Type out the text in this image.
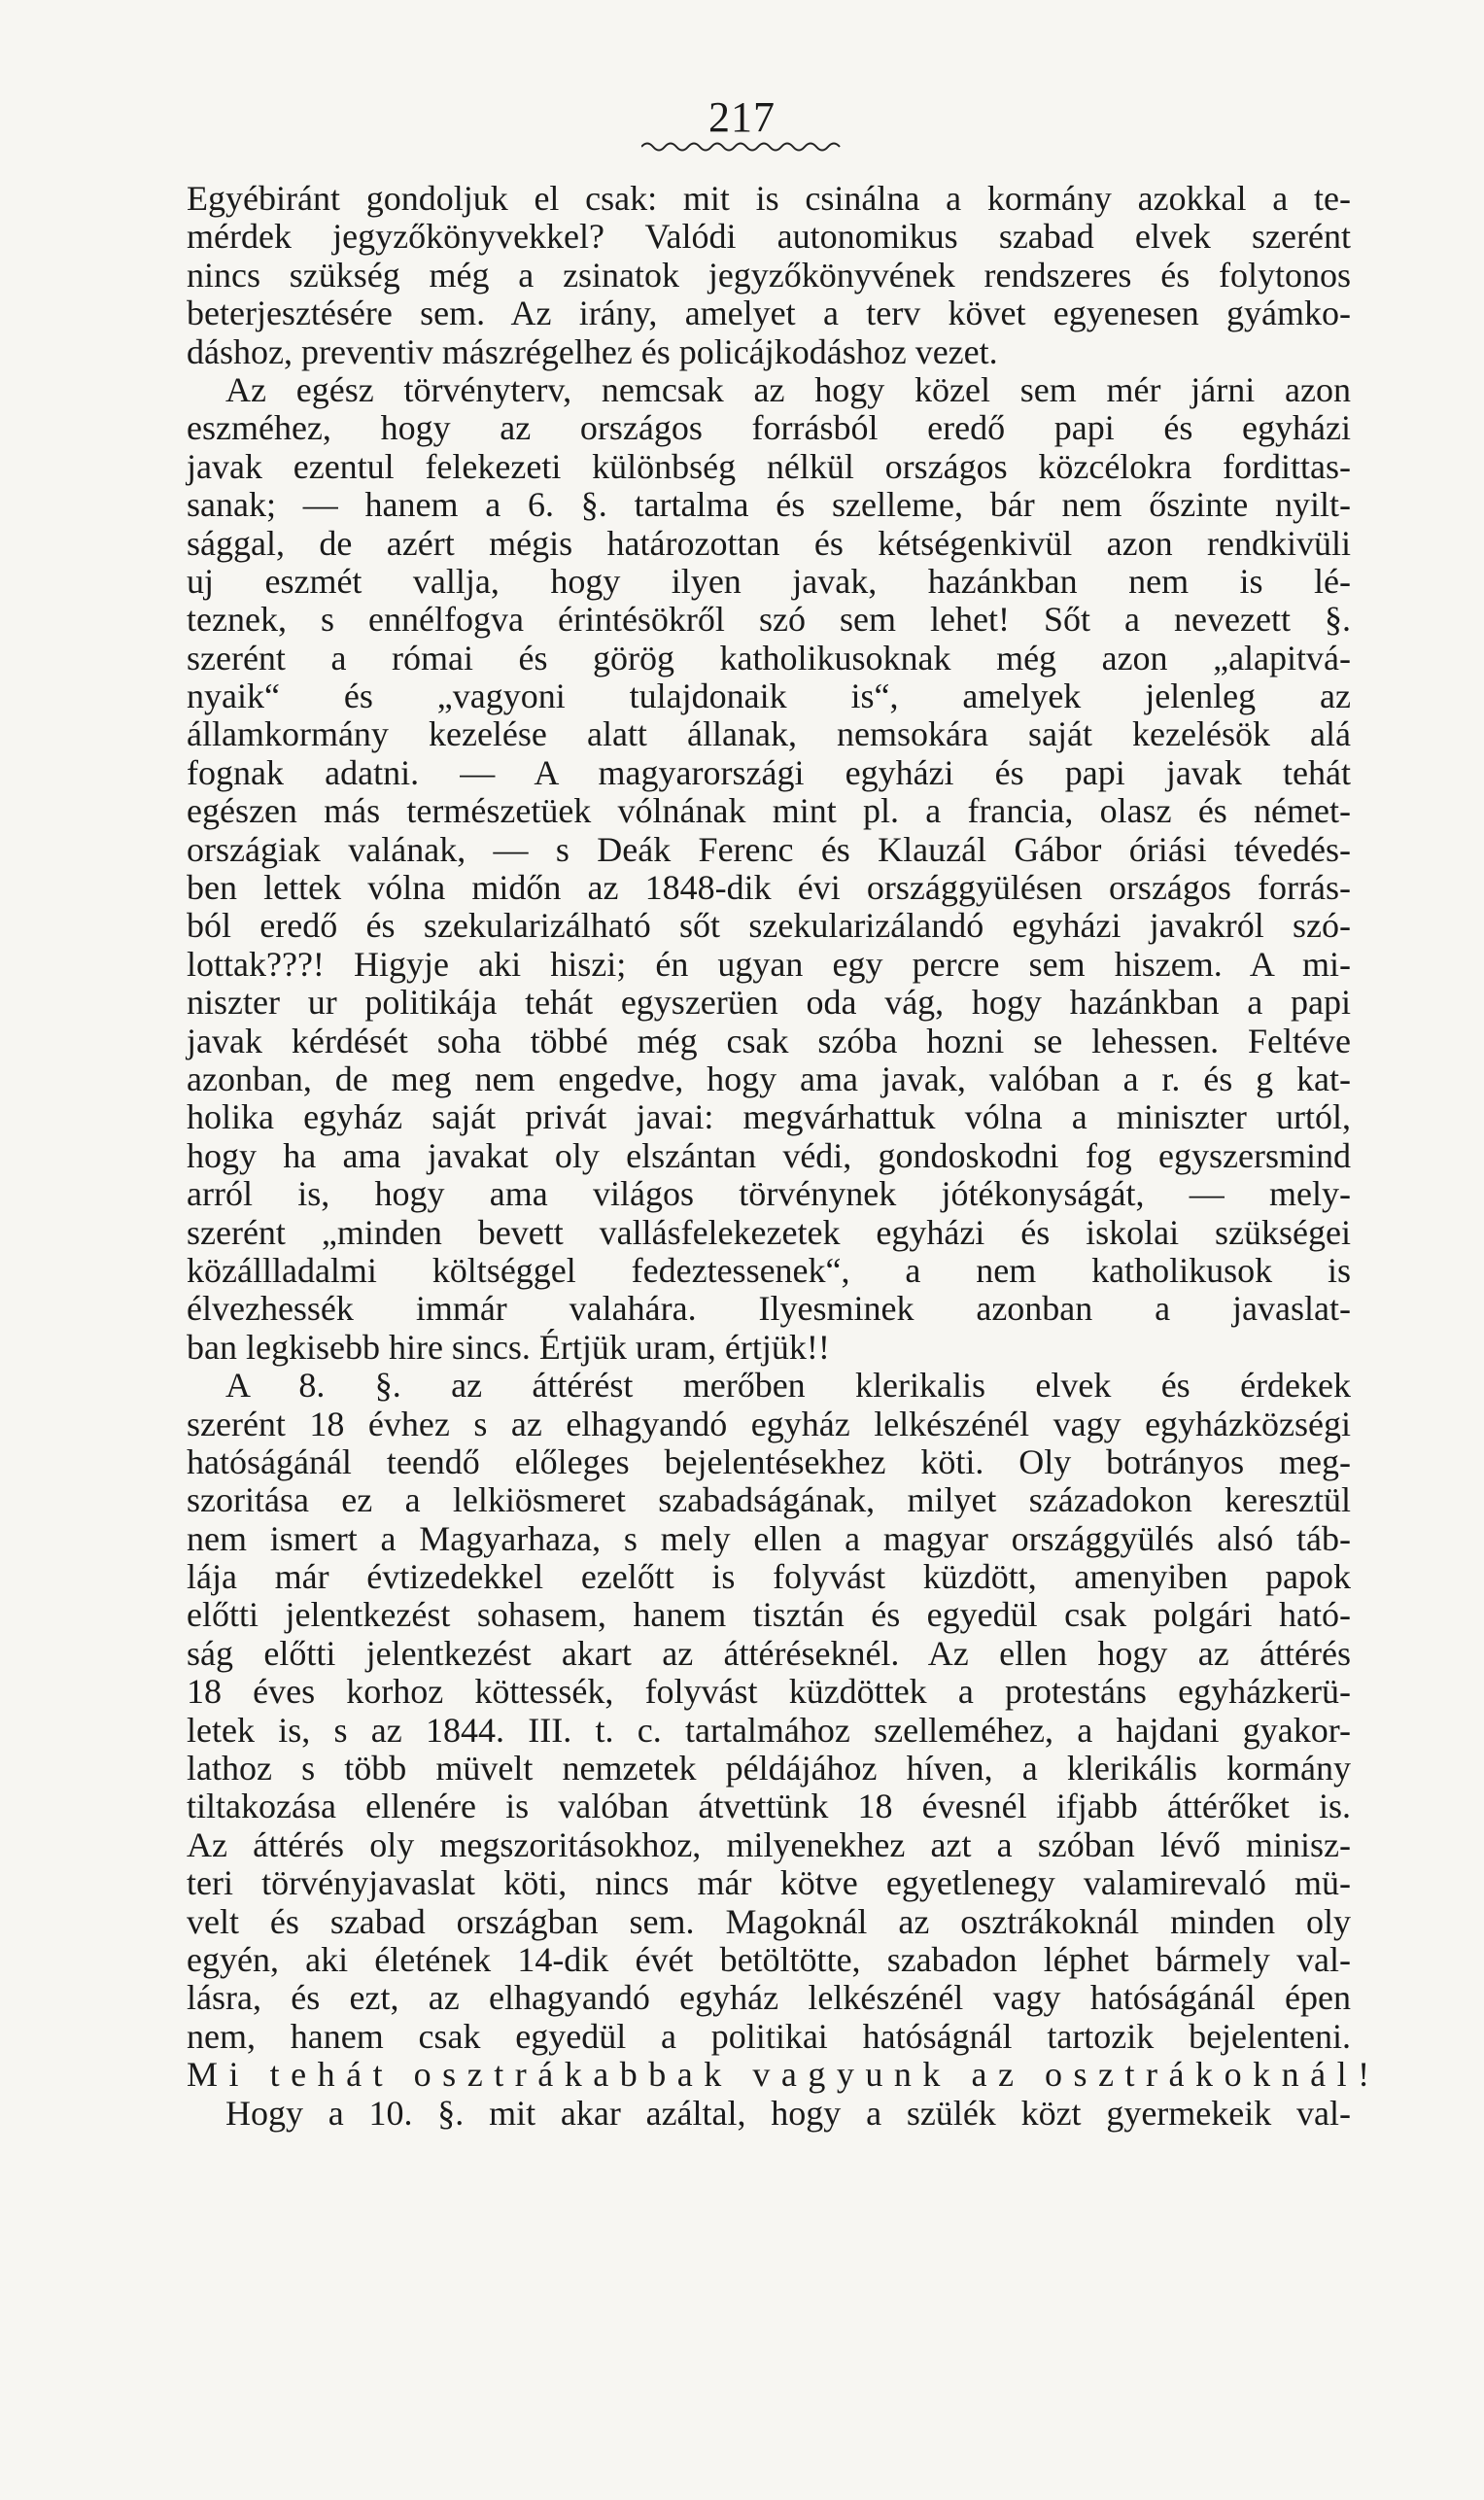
217
Egyébiránt gondoljuk el csak: mit is csinálna a kormány azokkal a te-
mérdek jegyzőkönyvekkel? Valódi autonomikus szabad elvek szerént
nincs szükség még a zsinatok jegyzőkönyvének rendszeres és folytonos
beterjesztésére sem. Az irány, amelyet a terv követ egyenesen gyámko-
dáshoz, preventiv mászrégelhez és policájkodáshoz vezet.
Az egész törvényterv, nemcsak az hogy közel sem mér járni azon
eszméhez, hogy az országos forrásból eredő papi és egyházi
javak ezentul felekezeti különbség nélkül országos közcélokra fordittas-
sanak; — hanem a 6. §. tartalma és szelleme, bár nem őszinte nyilt-
sággal, de azért mégis határozottan és kétségenkivül azon rendkivüli
uj eszmét vallja, hogy ilyen javak, hazánkban nem is lé-
teznek, s ennélfogva érintésökről szó sem lehet! Sőt a nevezett §.
szerént a római és görög katholikusoknak még azon „alapitvá-
nyaik“ és „vagyoni tulajdonaik is“, amelyek jelenleg az
államkormány kezelése alatt állanak, nemsokára saját kezelésök alá
fognak adatni. — A magyarországi egyházi és papi javak tehát
egészen más természetüek vólnának mint pl. a francia, olasz és német-
országiak valának, — s Deák Ferenc és Klauzál Gábor óriási tévedés-
ben lettek vólna midőn az 1848-dik évi országgyülésen országos forrás-
ból eredő és szekularizálható sőt szekularizálandó egyházi javakról szó-
lottak???! Higyje aki hiszi; én ugyan egy percre sem hiszem. A mi-
niszter ur politikája tehát egyszerüen oda vág, hogy hazánkban a papi
javak kérdését soha többé még csak szóba hozni se lehessen. Feltéve
azonban, de meg nem engedve, hogy ama javak, valóban a r. és g kat-
holika egyház saját privát javai: megvárhattuk vólna a miniszter urtól,
hogy ha ama javakat oly elszántan védi, gondoskodni fog egyszersmind
arról is, hogy ama világos törvénynek jótékonyságát, — mely-
szerént „minden bevett vallásfelekezetek egyházi és iskolai szükségei
közállladalmi költséggel fedeztessenek“, a nem katholikusok is
élvezhessék immár valahára. Ilyesminek azonban a javaslat-
ban legkisebb hire sincs. Értjük uram, értjük!!
A 8. §. az áttérést merőben klerikalis elvek és érdekek
szerént 18 évhez s az elhagyandó egyház lelkészénél vagy egyházközségi
hatóságánál teendő előleges bejelentésekhez köti. Oly botrányos meg-
szoritása ez a lelkiösmeret szabadságának, milyet századokon keresztül
nem ismert a Magyarhaza, s mely ellen a magyar országgyülés alsó táb-
lája már évtizedekkel ezelőtt is folyvást küzdött, amenyiben papok
előtti jelentkezést sohasem, hanem tisztán és egyedül csak polgári ható-
ság előtti jelentkezést akart az áttéréseknél. Az ellen hogy az áttérés
18 éves korhoz köttessék, folyvást küzdöttek a protestáns egyházkerü-
letek is, s az 1844. III. t. c. tartalmához szelleméhez, a hajdani gyakor-
lathoz s több müvelt nemzetek példájához híven, a klerikális kormány
tiltakozása ellenére is valóban átvettünk 18 évesnél ifjabb áttérőket is.
Az áttérés oly megszoritásokhoz, milyenekhez azt a szóban lévő minisz-
teri törvényjavaslat köti, nincs már kötve egyetlenegy valamirevaló mü-
velt és szabad országban sem. Magoknál az osztrákoknál minden oly
egyén, aki életének 14-dik évét betöltötte, szabadon léphet bármely val-
lásra, és ezt, az elhagyandó egyház lelkészénél vagy hatóságánál épen
nem, hanem csak egyedül a politikai hatóságnál tartozik bejelenteni.
Mi tehát osztrákabbak vagyunk az osztrákoknál!
Hogy a 10. §. mit akar azáltal, hogy a szülék közt gyermekeik val-
